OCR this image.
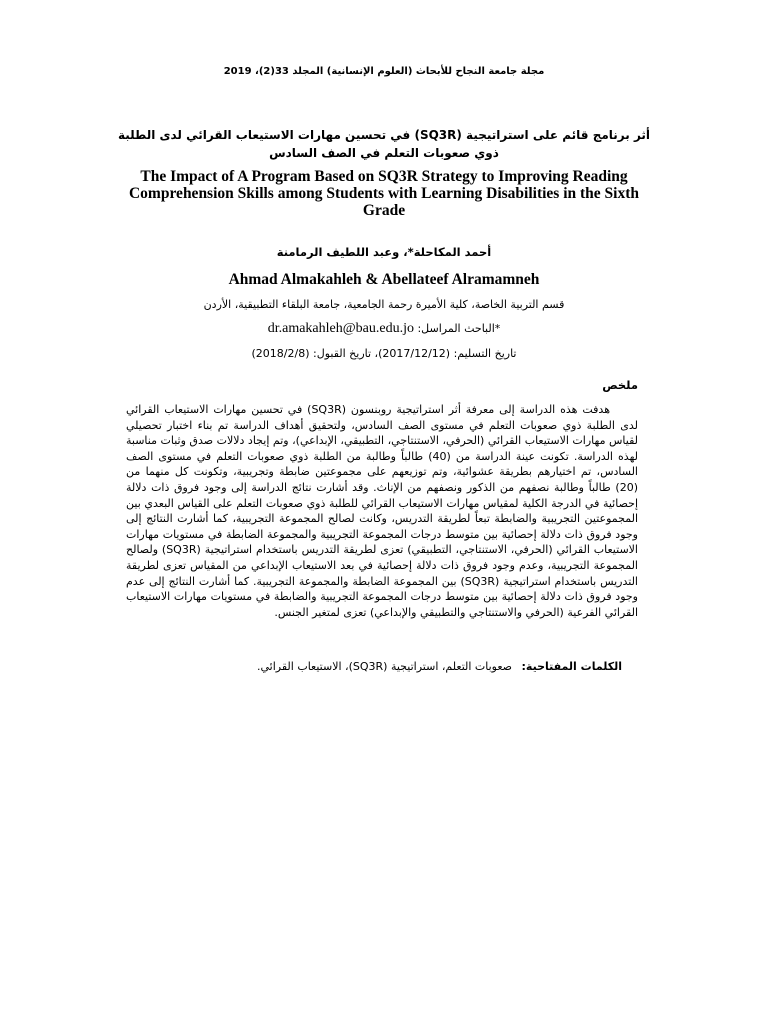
مجلة جامعة النجاح للأبحاث (العلوم الإنسانية) المجلد 33(2)، 2019
أثر برنامج قائم على استراتيجية (SQ3R) في تحسين مهارات الاستيعاب القرائي لدى الطلبة ذوي صعوبات التعلم في الصف السادس
The Impact of A Program Based on SQ3R Strategy to Improving Reading Comprehension Skills among Students with Learning Disabilities in the Sixth Grade
أحمد المكاحلة*، وعبد اللطيف الرمامنة
Ahmad Almakahleh & Abellateef Alramamneh
قسم التربية الخاصة، كلية الأميرة رحمة الجامعية، جامعة البلقاء التطبيقية، الأردن
*الباحث المراسل: dr.amakahleh@bau.edu.jo
تاريخ التسليم: (2017/12/12)، تاريخ القبول: (2018/2/8)
ملخص
هدفت هذه الدراسة إلى معرفة أثر استراتيجية روبنسون (SQ3R) في تحسين مهارات الاستيعاب القرائي لدى الطلبة ذوي صعوبات التعلم في مستوى الصف السادس، ولتحقيق أهداف الدراسة تم بناء اختبار تحصيلي لقياس مهارات الاستيعاب القرائي (الحرفي، الاستنتاجي، التطبيقي، الإبداعي)، وتم إيجاد دلالات صدق وثبات مناسبة لهذه الدراسة. تكونت عينة الدراسة من (40) طالباً وطالبة من الطلبة ذوي صعوبات التعلم في مستوى الصف السادس، تم اختيارهم بطريقة عشوائية، وتم توزيعهم على مجموعتين ضابطة وتجريبية، وتكونت كل منهما من (20) طالباً وطالبة نصفهم من الذكور ونصفهم من الإناث. وقد أشارت نتائج الدراسة إلى وجود فروق ذات دلالة إحصائية في الدرجة الكلية لمقياس مهارات الاستيعاب القرائي للطلبة ذوي صعوبات التعلم على القياس البعدي بين المجموعتين التجريبية والضابطة تبعاً لطريقة التدريس، وكانت لصالح المجموعة التجريبية، كما أشارت النتائج إلى وجود فروق ذات دلالة إحصائية بين متوسط درجات المجموعة التجريبية والمجموعة الضابطة في مستويات مهارات الاستيعاب القرائي (الحرفي، الاستنتاجي، التطبيقي) تعزى لطريقة التدريس باستخدام استراتيجية (SQ3R) ولصالح المجموعة التجريبية، وعدم وجود فروق ذات دلالة إحصائية في بعد الاستيعاب الإبداعي من المقياس تعزى لطريقة التدريس باستخدام استراتيجية (SQ3R) بين المجموعة الضابطة والمجموعة التجريبية. كما أشارت النتائج إلى عدم وجود فروق ذات دلالة إحصائية بين متوسط درجات المجموعة التجريبية والضابطة في مستويات مهارات الاستيعاب القرائي الفرعية (الحرفي والاستنتاجي والتطبيقي والإبداعي) تعزى لمتغير الجنس.
الكلمات المفتاحية: صعوبات التعلم، استراتيجية (SQ3R)، الاستيعاب القرائي.
